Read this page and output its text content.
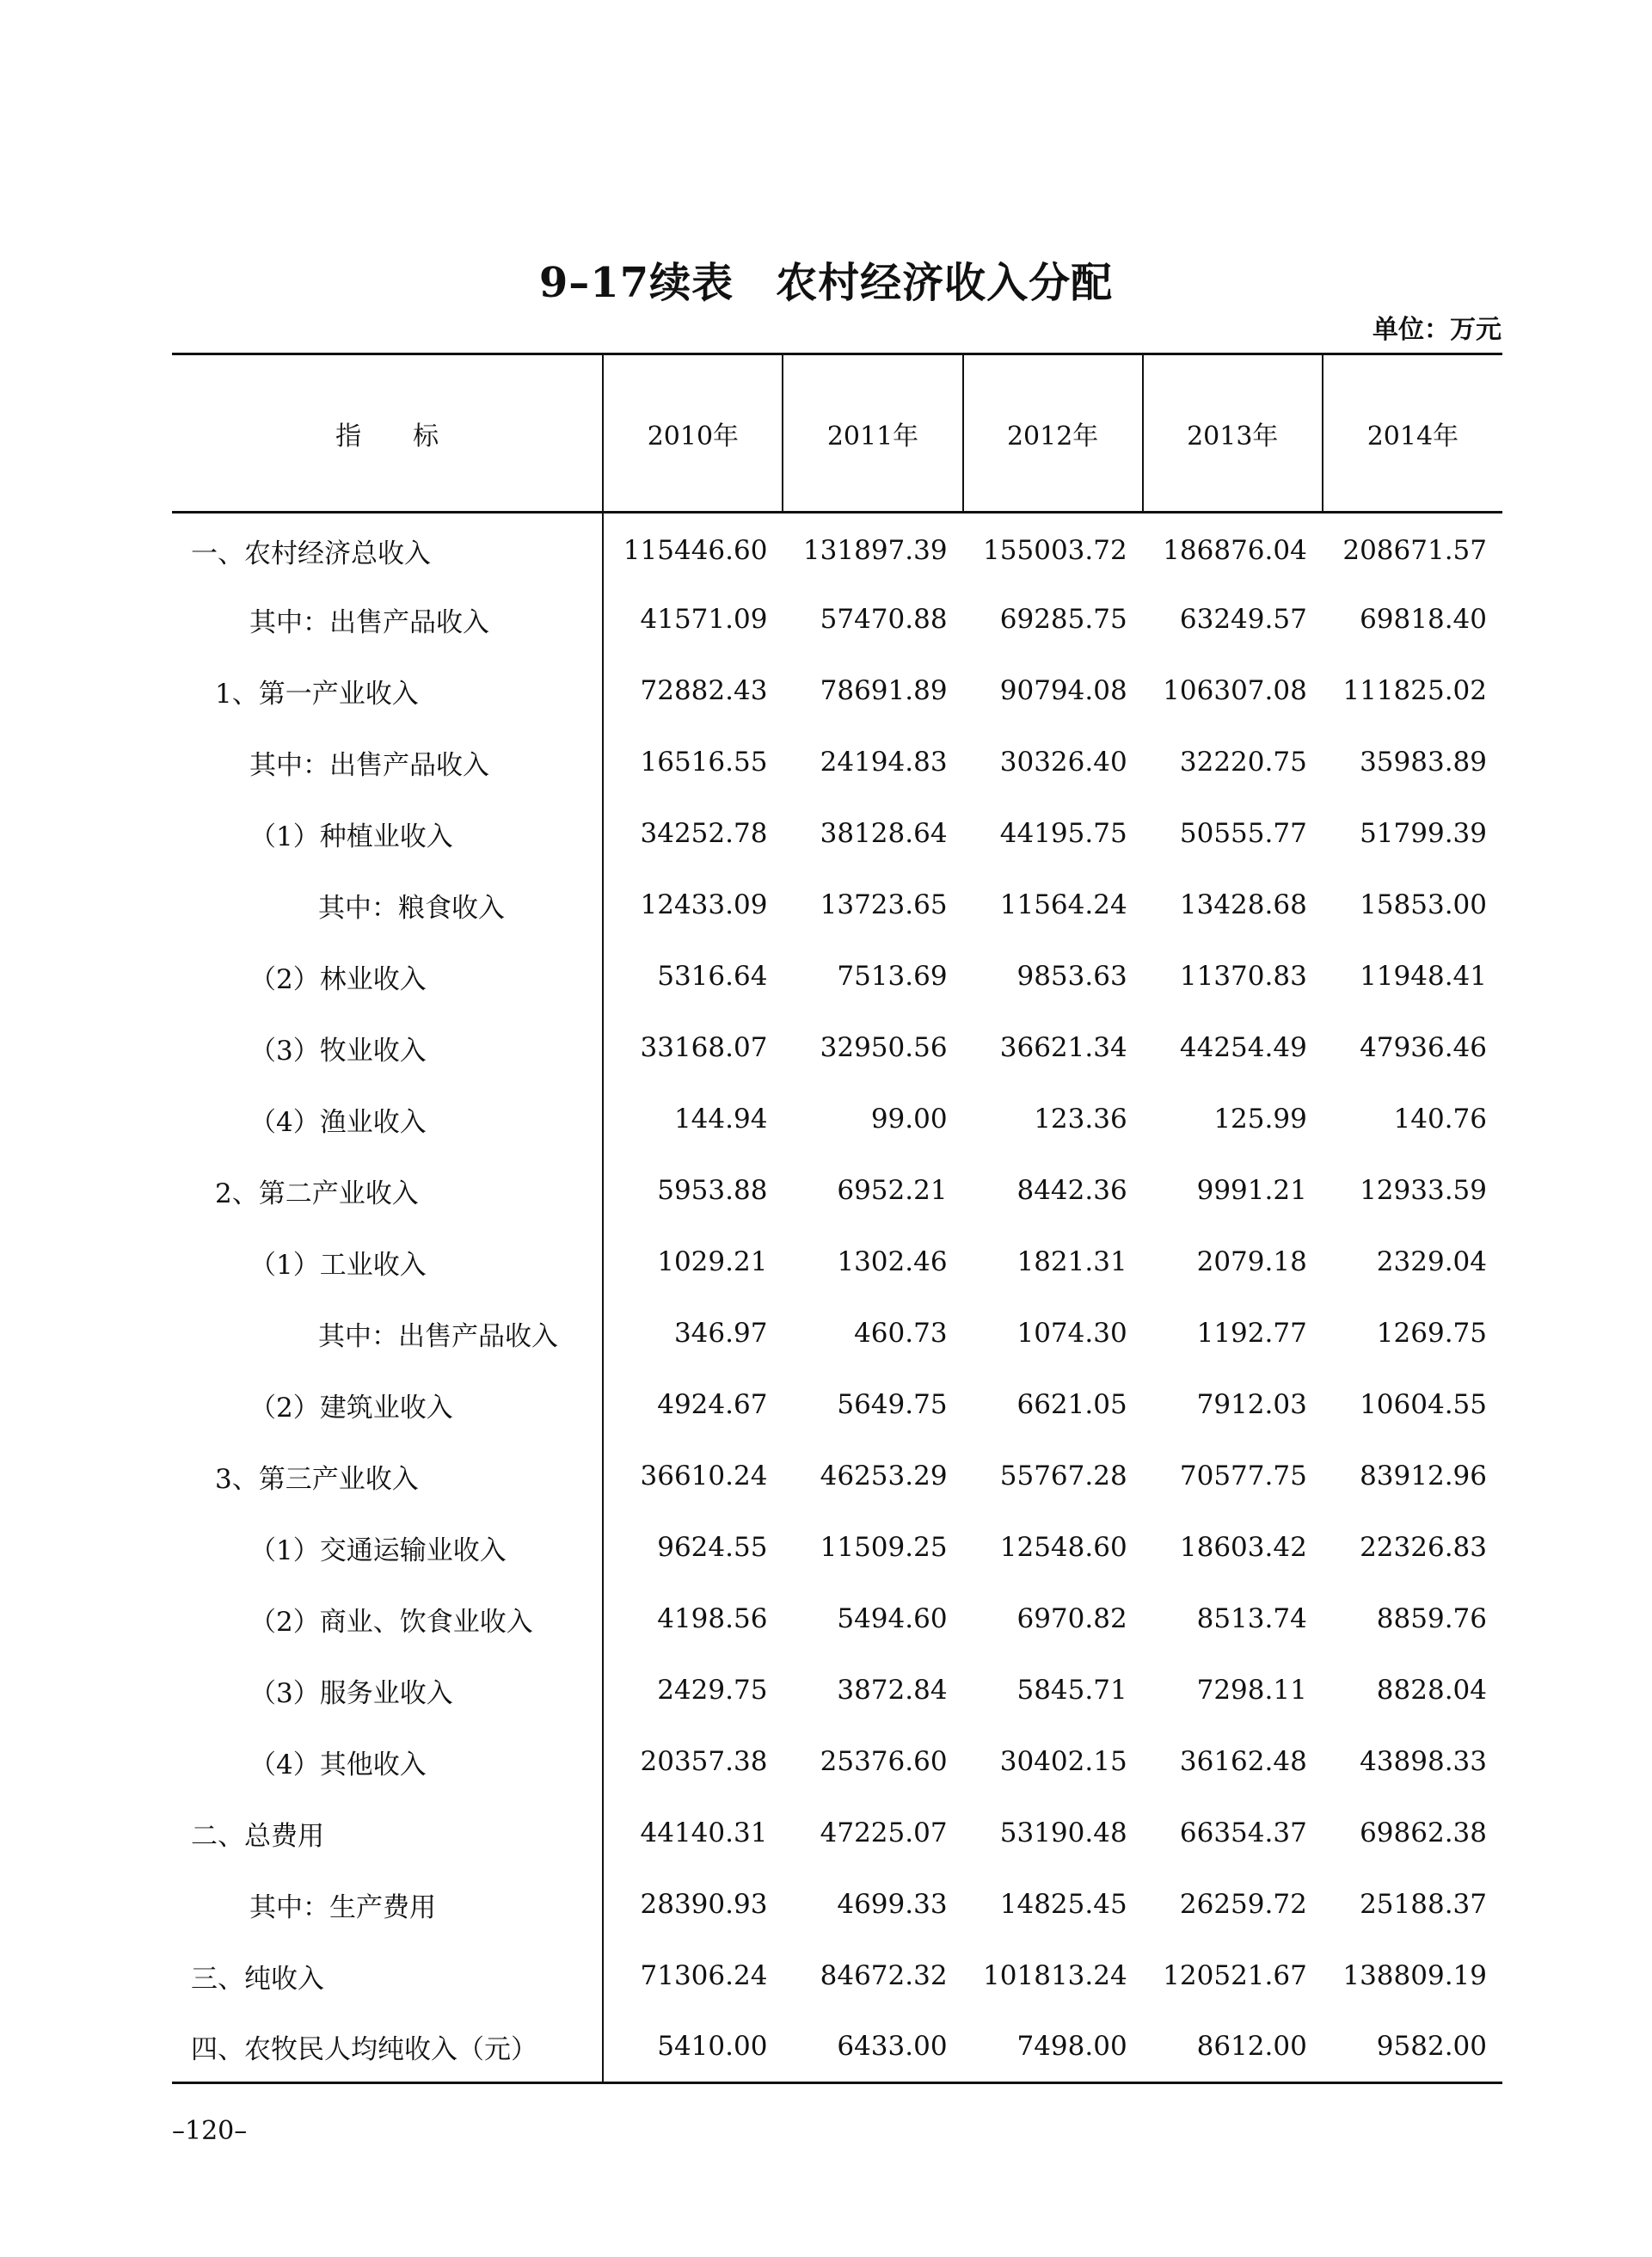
9–17续表　农村经济收入分配
单位：万元
指　　标	2010年	2011年	2012年	2013年	2014年
一、农村经济总收入	115446.60	131897.39	155003.72	186876.04	208671.57
其中：出售产品收入	41571.09	57470.88	69285.75	63249.57	69818.40
1、第一产业收入	72882.43	78691.89	90794.08	106307.08	111825.02
其中：出售产品收入	16516.55	24194.83	30326.40	32220.75	35983.89
（1）种植业收入	34252.78	38128.64	44195.75	50555.77	51799.39
其中：粮食收入	12433.09	13723.65	11564.24	13428.68	15853.00
（2）林业收入	5316.64	7513.69	9853.63	11370.83	11948.41
（3）牧业收入	33168.07	32950.56	36621.34	44254.49	47936.46
（4）渔业收入	144.94	99.00	123.36	125.99	140.76
2、第二产业收入	5953.88	6952.21	8442.36	9991.21	12933.59
（1）工业收入	1029.21	1302.46	1821.31	2079.18	2329.04
其中：出售产品收入	346.97	460.73	1074.30	1192.77	1269.75
（2）建筑业收入	4924.67	5649.75	6621.05	7912.03	10604.55
3、第三产业收入	36610.24	46253.29	55767.28	70577.75	83912.96
（1）交通运输业收入	9624.55	11509.25	12548.60	18603.42	22326.83
（2）商业、饮食业收入	4198.56	5494.60	6970.82	8513.74	8859.76
（3）服务业收入	2429.75	3872.84	5845.71	7298.11	8828.04
（4）其他收入	20357.38	25376.60	30402.15	36162.48	43898.33
二、总费用	44140.31	47225.07	53190.48	66354.37	69862.38
其中：生产费用	28390.93	4699.33	14825.45	26259.72	25188.37
三、纯收入	71306.24	84672.32	101813.24	120521.67	138809.19
四、农牧民人均纯收入（元）	5410.00	6433.00	7498.00	8612.00	9582.00
–120–
